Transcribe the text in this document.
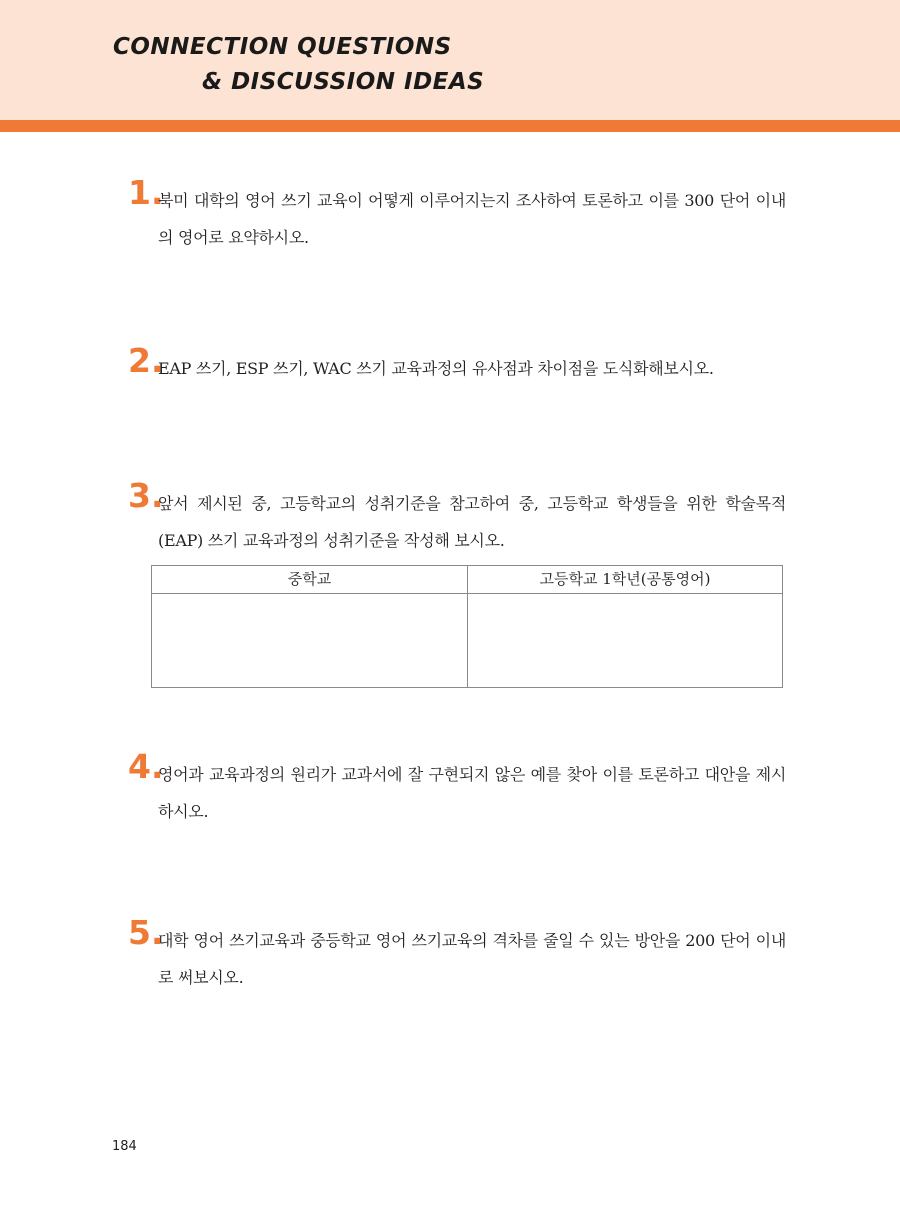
CONNECTION QUESTIONS
& DISCUSSION IDEAS
1.

북미 대학의 영어 쓰기 교육이 어떻게 이루어지는지 조사하여 토론하고 이를 300 단어 이내의 영어로 요약하시오.

2.

EAP 쓰기, ESP 쓰기, WAC 쓰기 교육과정의 유사점과 차이점을 도식화해보시오.

3.

앞서 제시된 중, 고등학교의 성취기준을 참고하여 중, 고등학교 학생들을 위한 학술목적(EAP) 쓰기 교육과정의 성취기준을 작성해 보시오.

중학교	고등학교 1학년(공통영어)
4.

영어과 교육과정의 원리가 교과서에 잘 구현되지 않은 예를 찾아 이를 토론하고 대안을 제시하시오.

5.

대학 영어 쓰기교육과 중등학교 영어 쓰기교육의 격차를 줄일 수 있는 방안을 200 단어 이내로 써보시오.

184
